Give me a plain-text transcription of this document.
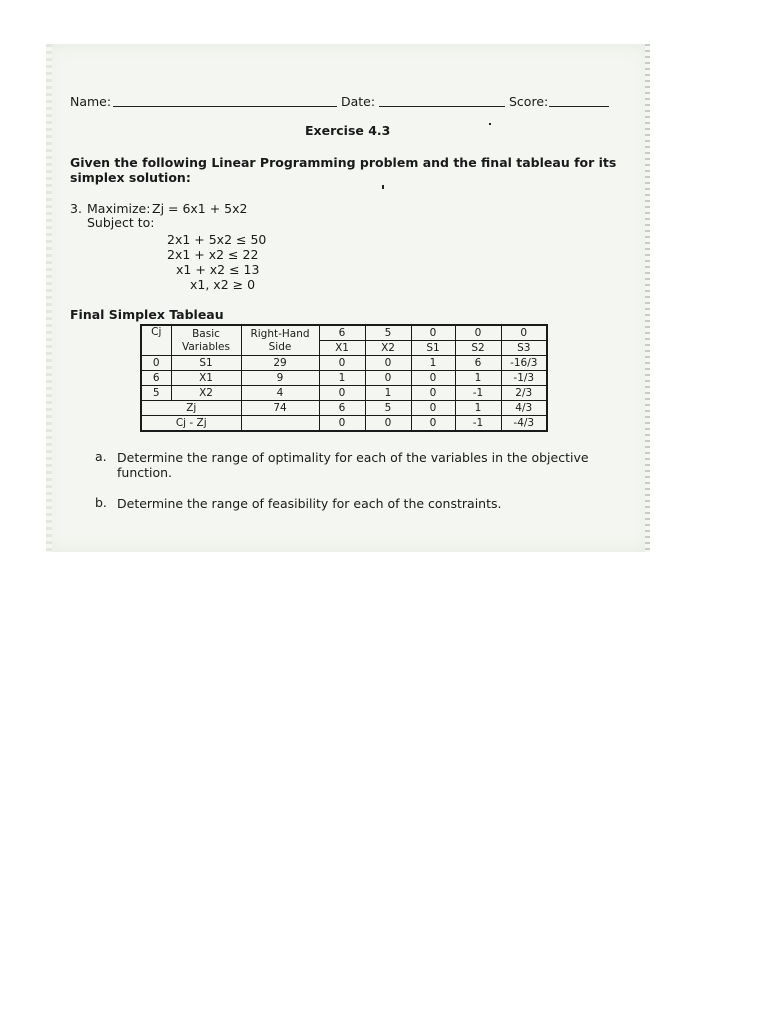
Name:	Date:	Score:
Exercise 4.3
Given the following Linear Programming problem and the final tableau for its simplex solution:
3. Maximize: Zj = 6x1 + 5x2
Subject to:
2x1 + 5x2 ≤ 50
2x1 + x2 ≤ 22
x1 + x2 ≤ 13
x1, x2 ≥ 0
Final Simplex Tableau
Cj	Basic Variables	Right-Hand Side	6	5	0	0	0
			X1	X2	S1	S2	S3
0	S1	29	0	0	1	6	-16/3
6	X1	9	1	0	0	1	-1/3
5	X2	4	0	1	0	-1	2/3
Zj		74	6	5	0	1	4/3
Cj - Zj			0	0	0	-1	-4/3
a. Determine the range of optimality for each of the variables in the objective function.
b. Determine the range of feasibility for each of the constraints.
